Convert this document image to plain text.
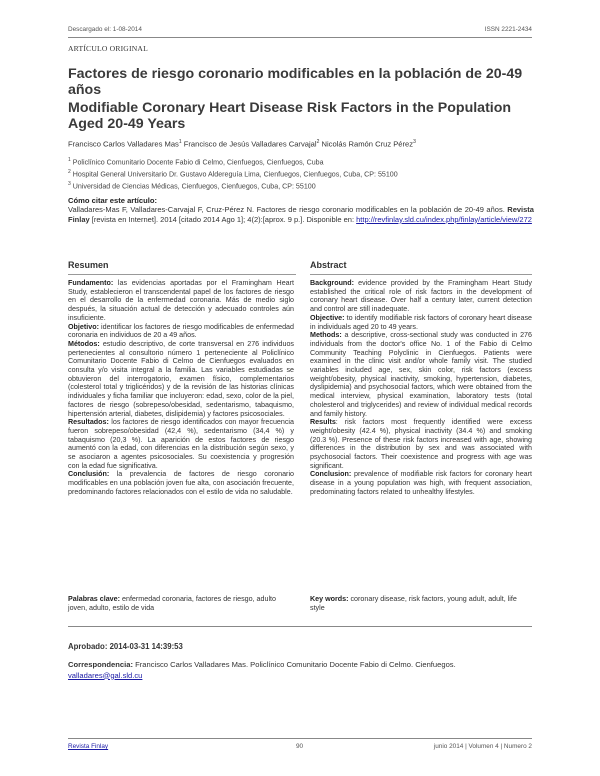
Descargado el: 1-08-2014	ISSN 2221-2434
ARTÍCULO ORIGINAL
Factores de riesgo coronario modificables en la población de 20-49 años
Modifiable Coronary Heart Disease Risk Factors in the Population Aged 20-49 Years
Francisco Carlos Valladares Mas$^1$ Francisco de Jesús Valladares Carvajal$^2$ Nicolás Ramón Cruz Pérez$^3$
$^1$ Policlínico Comunitario Docente Fabio di Celmo, Cienfuegos, Cienfuegos, Cuba
$^2$ Hospital General Universitario Dr. Gustavo Aldereguía Lima, Cienfuegos, Cienfuegos, Cuba, CP: 55100
$^3$ Universidad de Ciencias Médicas, Cienfuegos, Cienfuegos, Cuba, CP: 55100
Cómo citar este artículo:
Valladares-Mas F, Valladares-Carvajal F, Cruz-Pérez N. Factores de riesgo coronario modificables en la población de 20-49 años. Revista Finlay [revista en Internet]. 2014 [citado 2014 Ago 1]; 4(2):[aprox. 9 p.]. Disponible en: http://revfinlay.sld.cu/index.php/finlay/article/view/272
Resumen	Abstract

Fundamento: las evidencias aportadas por el Framingham Heart Study, establecieron el transcendental papel de los factores de riesgo en el desarrollo de la enfermedad coronaria. Más de medio siglo después, la situación actual de detección y adecuado controles aún insuficiente.

Objetivo: identificar los factores de riesgo modificables de enfermedad coronaria en individuos de 20 a 49 años.

Métodos: estudio descriptivo, de corte transversal en 276 individuos pertenecientes al consultorio número 1 perteneciente al Policlínico Comunitario Docente Fabio di Celmo de Cienfuegos evaluados en consulta y/o visita integral a la familia. Las variables estudiadas se obtuvieron del interrogatorio, examen físico, complementarios (colesterol total y triglicéridos) y de la revisión de las historias clínicas individuales y ficha familiar que incluyeron: edad, sexo, color de la piel, factores de riesgo (sobrepeso/obesidad, sedentarismo, tabaquismo, hipertensión arterial, diabetes, dislipidemia) y factores psicosociales.

Resultados: los factores de riesgo identificados con mayor frecuencia fueron sobrepeso/obesidad (42,4 %), sedentarismo (34,4 %) y tabaquismo (20,3 %). La aparición de estos factores de riesgo aumentó con la edad, con diferencias en la distribución según sexo, y se asociaron a agentes psicosociales. Su coexistencia y progresión con la edad fue significativa.

Conclusión: la prevalencia de factores de riesgo coronario modificables en una población joven fue alta, con asociación frecuente, predominando factores relacionados con el estilo de vida no saludable.

Palabras clave: enfermedad coronaria, factores de riesgo, adulto joven, adulto, estilo de vida

Background: evidence provided by the Framingham Heart Study established the critical role of risk factors in the development of coronary heart disease. Over half a century later, current detection and control are still inadequate.

Objective: to identify modifiable risk factors of coronary heart disease in individuals aged 20 to 49 years.

Methods: a descriptive, cross-sectional study was conducted in 276 individuals from the doctor's office No. 1 of the Fabio di Celmo Community Teaching Polyclinic in Cienfuegos. Patients were examined in the clinic visit and/or whole family visit. The studied variables included age, sex, skin color, risk factors (excess weight/obesity, physical inactivity, smoking, hypertension, diabetes, dyslipidemia) and psychosocial factors, which were obtained from the medical interview, physical examination, laboratory tests (total cholesterol and triglycerides) and review of individual medical records and family history.

Results: risk factors most frequently identified were excess weight/obesity (42.4 %), physical inactivity (34.4 %) and smoking (20.3 %). Presence of these risk factors increased with age, showing differences in the distribution by sex and was associated with psychosocial factors. Their coexistence and progress with age was significant.

Conclusion: prevalence of modifiable risk factors for coronary heart disease in a young population was high, with frequent association, predominating factors related to unhealthy lifestyles.

Key words: coronary disease, risk factors, young adult, adult, life style
Aprobado: 2014-03-31 14:39:53
Correspondencia: Francisco Carlos Valladares Mas. Policlínico Comunitario Docente Fabio di Celmo. Cienfuegos.
valladares@gal.sld.cu
Revista Finlay	90	junio 2014 | Volumen 4 | Numero 2
